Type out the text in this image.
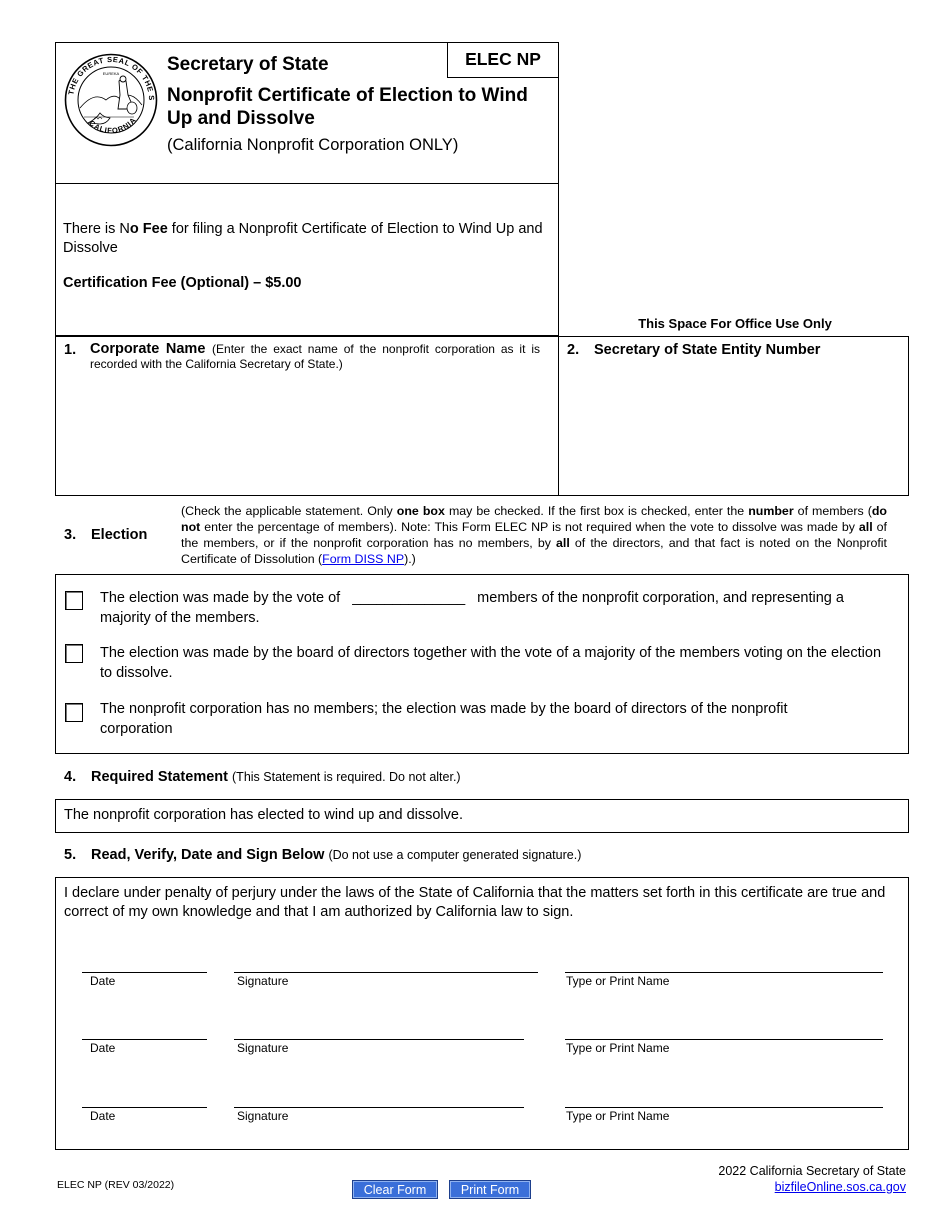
THE GREAT SEAL OF THE S
CALIFORNIA
EUREKA	Secretary of State	ELEC NP
Nonprofit Certificate of Election to Wind Up and Dissolve
(California Nonprofit Corporation ONLY)
There is No Fee for filing a Nonprofit Certificate of Election to Wind Up and Dissolve
Certification Fee (Optional) – $5.00
This Space For Office Use Only
1. Corporate Name (Enter the exact name of the nonprofit corporation as it is recorded with the California Secretary of State.)
2. Secretary of State Entity Number
3. Election
(Check the applicable statement. Only one box may be checked. If the first box is checked, enter the number of members (do not enter the percentage of members). Note: This Form ELEC NP is not required when the vote to dissolve was made by all of the members, or if the nonprofit corporation has no members, by all of the directors, and that fact is noted on the Nonprofit Certificate of Dissolution (Form DISS NP).)
The election was made by the vote of ______________ members of the nonprofit corporation, and representing a majority of the members.
The election was made by the board of directors together with the vote of a majority of the members voting on the election to dissolve.
The nonprofit corporation has no members; the election was made by the board of directors of the nonprofit corporation
4. Required Statement (This Statement is required. Do not alter.)
The nonprofit corporation has elected to wind up and dissolve.
5. Read, Verify, Date and Sign Below (Do not use a computer generated signature.)
I declare under penalty of perjury under the laws of the State of California that the matters set forth in this certificate are true and correct of my own knowledge and that I am authorized by California law to sign.
Date	Signature	Type or Print Name
Date	Signature	Type or Print Name
Date	Signature	Type or Print Name
ELEC NP (REV 03/2022)	Clear Form	Print Form
2022 California Secretary of State
bizfileOnline.sos.ca.gov
